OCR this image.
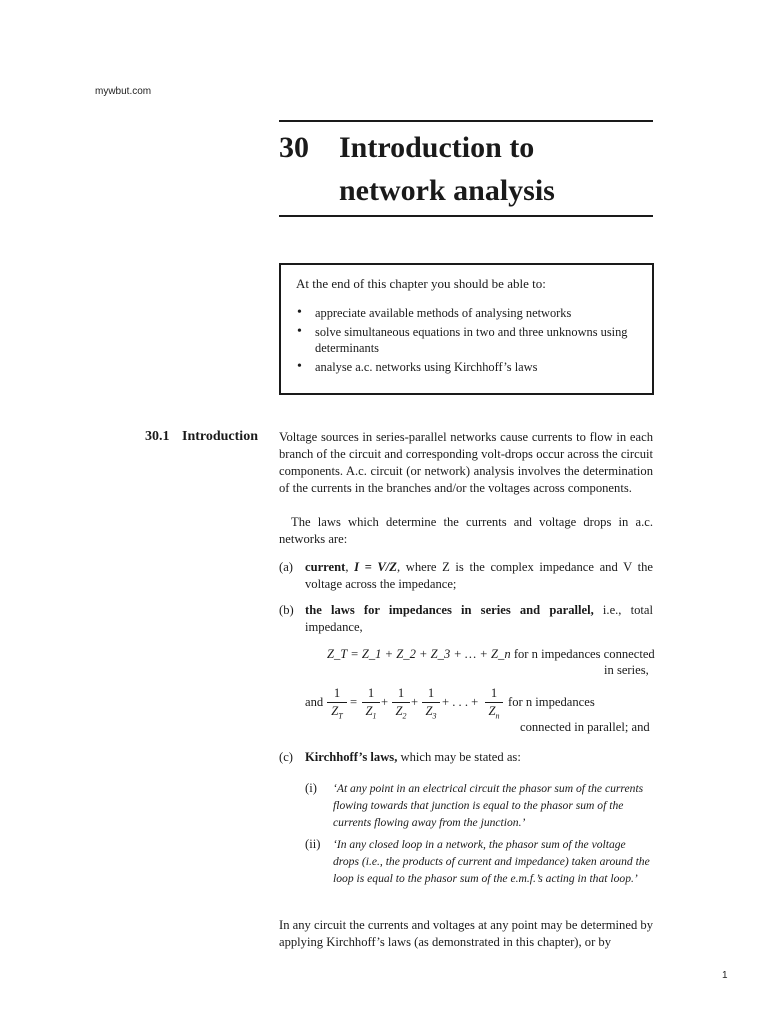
mywbut.com
30 Introduction to
network analysis
At the end of this chapter you should be able to:
• appreciate available methods of analysing networks
• solve simultaneous equations in two and three unknowns using determinants
• analyse a.c. networks using Kirchhoff’s laws
30.1 Introduction Voltage sources in series-parallel networks cause currents to flow in each branch of the circuit and corresponding volt-drops occur across the circuit components. A.c. circuit (or network) analysis involves the determination of the currents in the branches and/or the voltages across components.
The laws which determine the currents and voltage drops in a.c. networks are:
(a) current, I = V/Z, where Z is the complex impedance and V the voltage across the impedance;
(b) the laws for impedances in series and parallel, i.e., total impedance,
Z_T = Z_1 + Z_2 + Z_3 + … + Z_n for n impedances connected
in series,
and
1
$Z_T$
=
1
$Z_1$
+
1
$Z_2$
+
1
$Z_3$
+ . . . +
1
$Z_n$
for n impedances
connected in parallel; and
(c) Kirchhoff’s laws, which may be stated as:
(i) ‘At any point in an electrical circuit the phasor sum of the currents flowing towards that junction is equal to the phasor sum of the currents flowing away from the junction.’
(ii) ‘In any closed loop in a network, the phasor sum of the voltage drops (i.e., the products of current and impedance) taken around the loop is equal to the phasor sum of the e.m.f.’s acting in that loop.’
In any circuit the currents and voltages at any point may be determined by applying Kirchhoff’s laws (as demonstrated in this chapter), or by
1
